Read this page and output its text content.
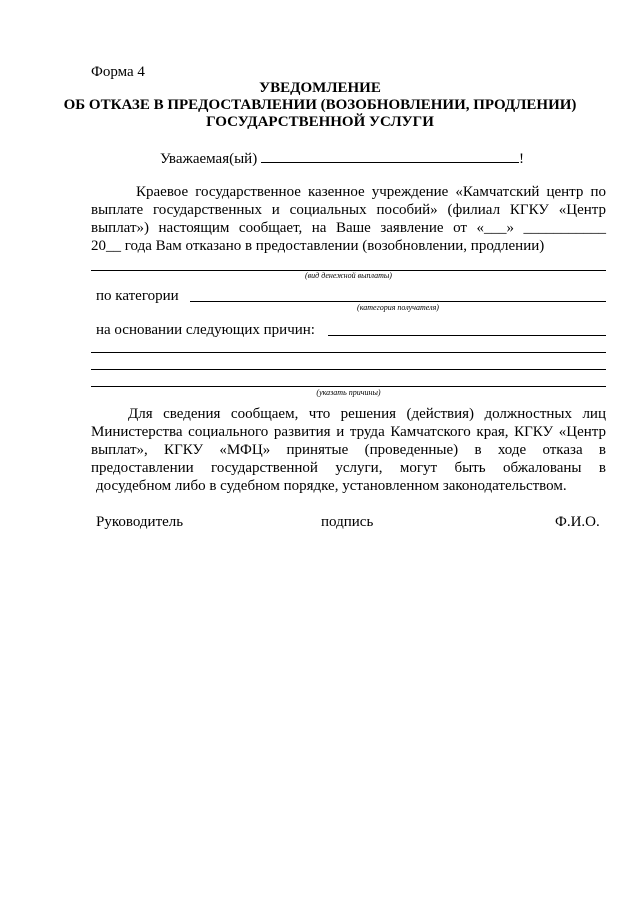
Форма 4
УВЕДОМЛЕНИЕ
ОБ ОТКАЗЕ В ПРЕДОСТАВЛЕНИИ (ВОЗОБНОВЛЕНИИ, ПРОДЛЕНИИ)
ГОСУДАРСТВЕННОЙ УСЛУГИ
Уважаемая(ый)	!
Краевое государственное казенное учреждение «Камчатский центр по
выплате государственных и социальных пособий» (филиал КГКУ «Центр
выплат») настоящим сообщает, на Ваше заявление от «___» ___________
20__ года Вам отказано в предоставлении (возобновлении, продлении)
(вид денежной выплаты)
по категории
(категория получателя)
на основании следующих причин:
(указать причины)
Для сведения сообщаем, что решения (действия) должностных лиц
Министерства социального развития и труда Камчатского края, КГКУ «Центр
выплат», КГКУ «МФЦ» принятые (проведенные) в ходе отказа в
предоставлении государственной услуги, могут быть обжалованы в
досудебном либо в судебном порядке, установленном законодательством.
Руководитель	подпись	Ф.И.О.
